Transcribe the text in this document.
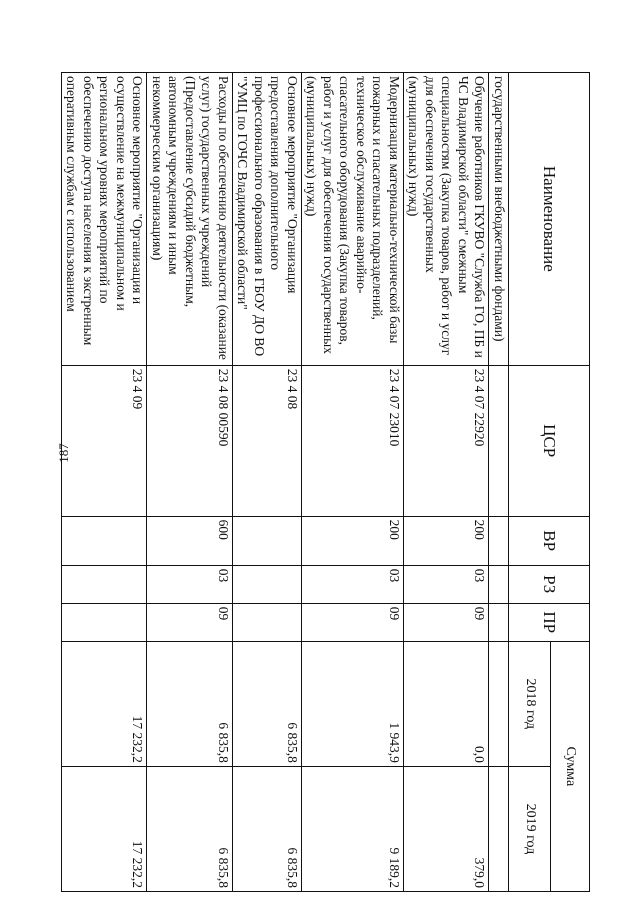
187
Наименование	ЦСР	ВР	РЗ	ПР	Сумма	
					2018 год	2019 год
государственными внебюджетными фондами)						
Обучение работников ГКУВО "Служба ГО, ПБ и ЧС Владимирской области" смежным специальностям (Закупка товаров, работ и услуг для обеспечения государственных (муниципальных) нужд)	23 4 07 22920	200	03	09	0,0	379,0
Модернизация материально-технической базы пожарных и спасательных подразделений, техническое обслуживание аварийно-спасательного оборудования (Закупка товаров, работ и услуг для обеспечения государственных (муниципальных) нужд)	23 4 07 23010	200	03	09	1 943,9	9 189,2
Основное мероприятие "Организация предоставления дополнительного профессионального образования в ГБОУ ДО ВО "УМЦ по ГОЧС Владимирской области"	23 4 08				6 835,8	6 835,8
Расходы по обеспечению деятельности (оказание услуг) государственных учреждений (Предоставление субсидий бюджетным, автономным учреждениям и иным некоммерческим организациям)	23 4 08 00590	600	03	09	6 835,8	6 835,8
Основное мероприятие "Организация и осуществление на межмуниципальном и региональном уровнях мероприятий по обеспечению доступа населения к экстренным оперативным службам с использованием	23 4 09				17 232,2	17 232,2
